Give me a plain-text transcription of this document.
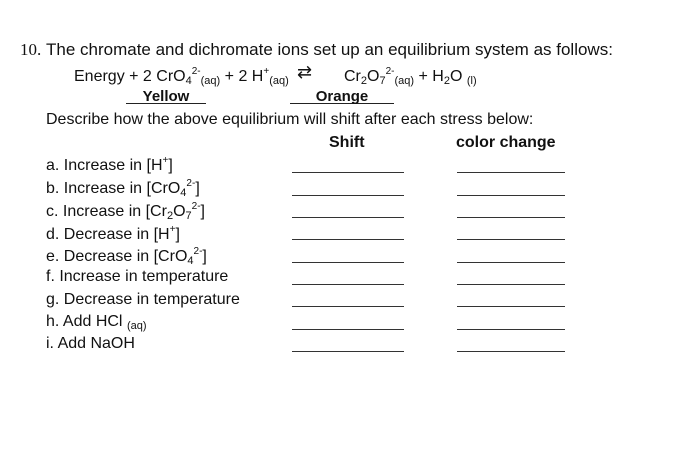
10. The chromate and dichromate ions set up an equilibrium system as follows:
Energy + 2 CrO$_4^{2-}_{(aq)}$ + 2 $H^+_{(aq)}$ ⇄ $Cr_2O_7^{2-}_{(aq)} + H_2O$ $_{(l)}$
Yellow	Orange
Describe how the above equilibrium will shift after each stress below:
Shift	color change
a. Increase in [H+]
b. Increase in [CrO$_4^{2-}$]
c. Increase in $[Cr_2O_7^{2-}]$
d. Decrease in [H+]
e. Decrease in [CrO$_4^{2-}$]
f. Increase in temperature
g. Decrease in temperature
h. Add HCl $_{(aq)}$
i. Add NaOH
